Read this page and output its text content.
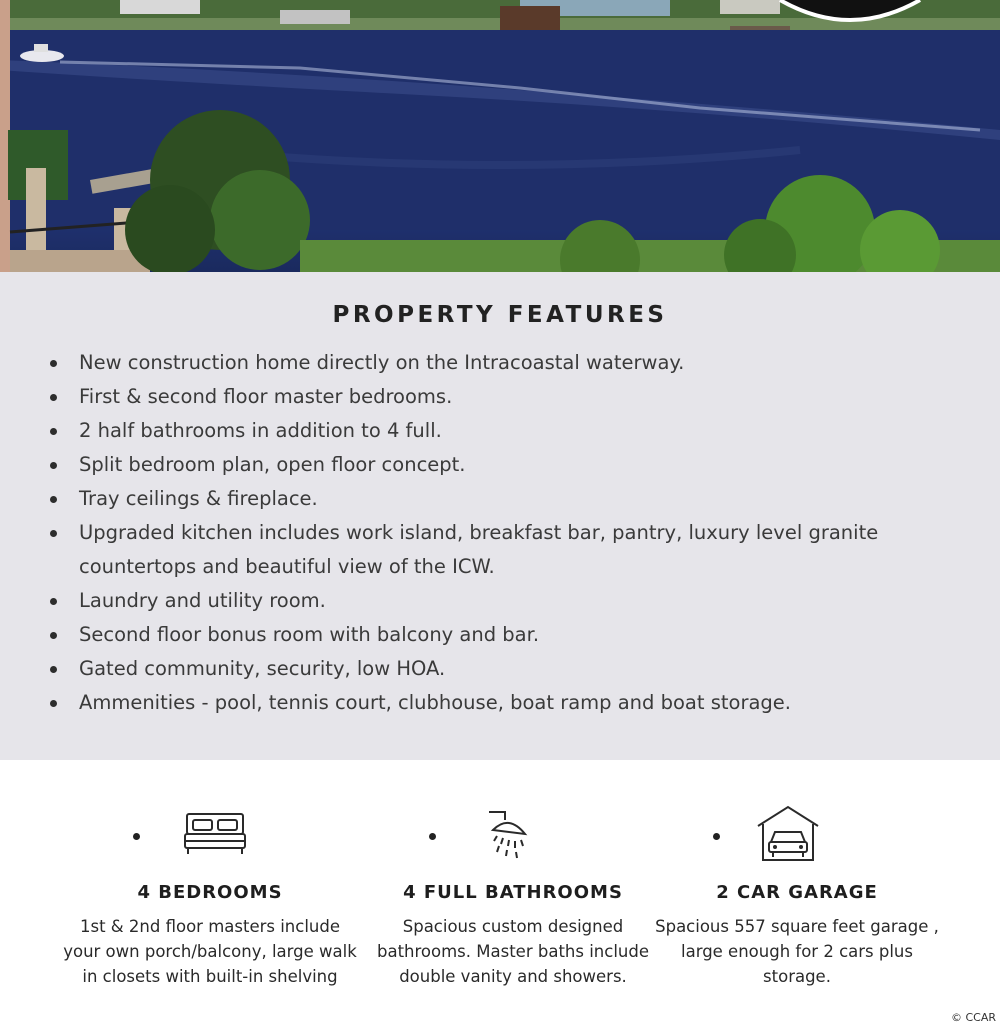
PROPERTY FEATURES
New construction home directly on the Intracoastal waterway.
First & second floor master bedrooms.
2 half bathrooms in addition to 4 full.
Split bedroom plan, open floor concept.
Tray ceilings & fireplace.
Upgraded kitchen includes work island, breakfast bar, pantry, luxury level granite countertops and beautiful view of the ICW.
Laundry and utility room.
Second floor bonus room with balcony and bar.
Gated community, security, low HOA.
Ammenities - pool, tennis court, clubhouse, boat ramp and boat storage.
4 BEDROOMS

1st & 2nd floor masters include your own porch/balcony, large walk in closets with built-in shelving

4 FULL BATHROOMS

Spacious custom designed bathrooms. Master baths include double vanity and showers.

2 CAR GARAGE

Spacious 557 square feet garage , large enough for 2 cars plus storage.

© CCAR
